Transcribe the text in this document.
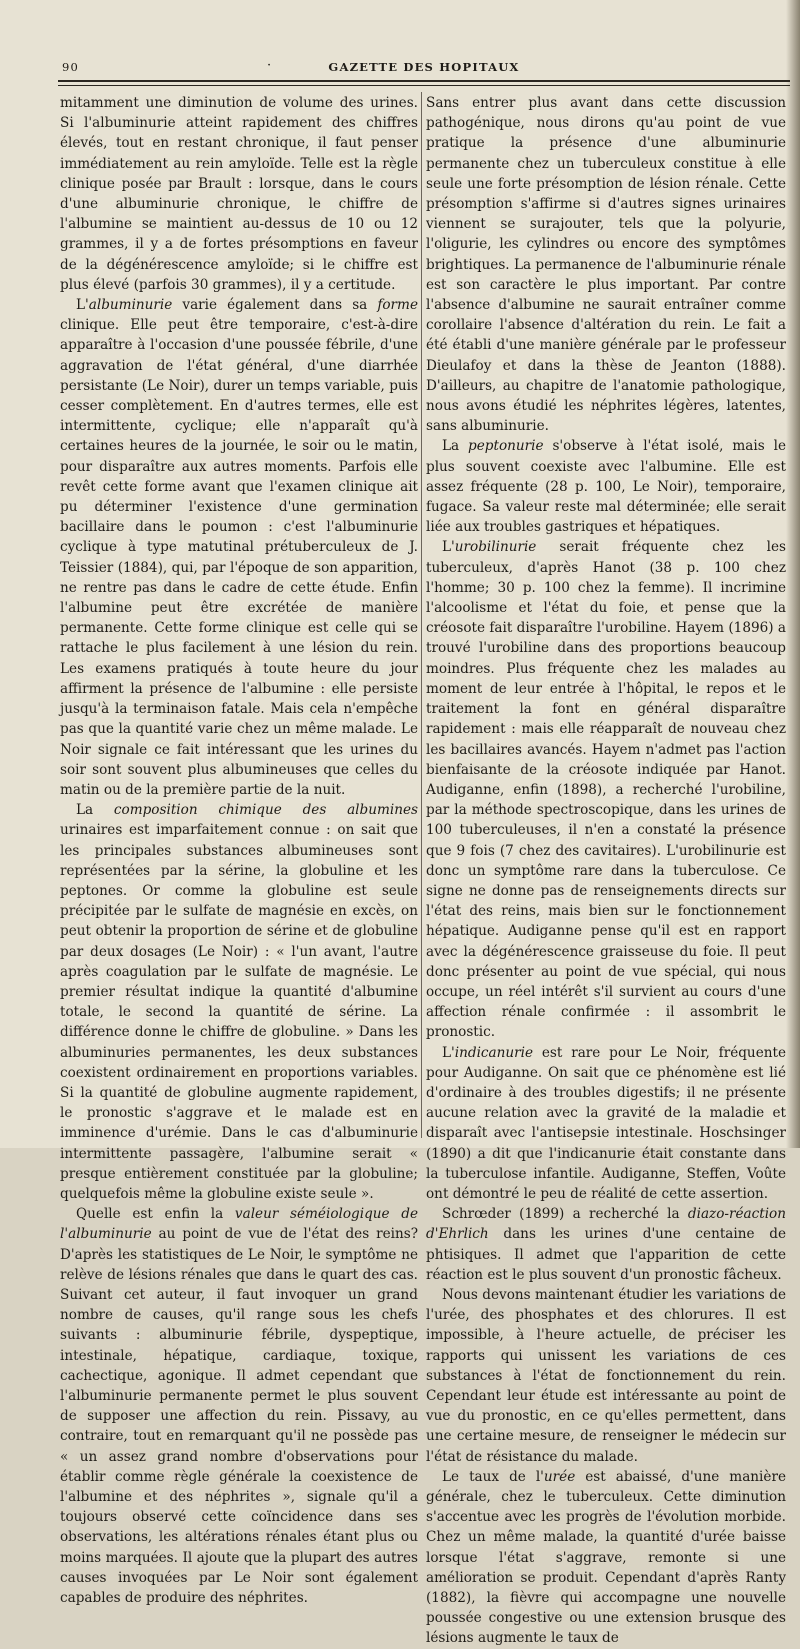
90	·	GAZETTE DES HOPITAUX

mitamment une diminution de volume des urines. Si l'albuminurie atteint rapidement des chiffres élevés, tout en restant chronique, il faut penser immédiatement au rein amyloïde. Telle est la règle clinique posée par Brault : lorsque, dans le cours d'une albuminurie chronique, le chiffre de l'albumine se maintient au-dessus de 10 ou 12 grammes, il y a de fortes présomptions en faveur de la dégénérescence amyloïde; si le chiffre est plus élevé (parfois 30 grammes), il y a certitude.

L'albuminurie varie également dans sa forme clinique. Elle peut être temporaire, c'est-à-dire apparaître à l'occasion d'une poussée fébrile, d'une aggravation de l'état général, d'une diarrhée persistante (Le Noir), durer un temps variable, puis cesser complètement. En d'autres termes, elle est intermittente, cyclique; elle n'apparaît qu'à certaines heures de la journée, le soir ou le matin, pour disparaître aux autres moments. Parfois elle revêt cette forme avant que l'examen clinique ait pu déterminer l'existence d'une germination bacillaire dans le poumon : c'est l'albuminurie cyclique à type matutinal prétuberculeux de J. Teissier (1884), qui, par l'époque de son apparition, ne rentre pas dans le cadre de cette étude. Enfin l'albumine peut être excrétée de manière permanente. Cette forme clinique est celle qui se rattache le plus facilement à une lésion du rein. Les examens pratiqués à toute heure du jour affirment la présence de l'albumine : elle persiste jusqu'à la terminaison fatale. Mais cela n'empêche pas que la quantité varie chez un même malade. Le Noir signale ce fait intéressant que les urines du soir sont souvent plus albumineuses que celles du matin ou de la première partie de la nuit.

La composition chimique des albumines urinaires est imparfaitement connue : on sait que les principales substances albumineuses sont représentées par la sérine, la globuline et les peptones. Or comme la globuline est seule précipitée par le sulfate de magnésie en excès, on peut obtenir la proportion de sérine et de globuline par deux dosages (Le Noir) : « l'un avant, l'autre après coagulation par le sulfate de magnésie. Le premier résultat indique la quantité d'albumine totale, le second la quantité de sérine. La différence donne le chiffre de globuline. » Dans les albuminuries permanentes, les deux substances coexistent ordinairement en proportions variables. Si la quantité de globuline augmente rapidement, le pronostic s'aggrave et le malade est en imminence d'urémie. Dans le cas d'albuminurie intermittente passagère, l'albumine serait « presque entièrement constituée par la globuline; quelquefois même la globuline existe seule ».

Quelle est enfin la valeur séméiologique de l'albuminurie au point de vue de l'état des reins? D'après les statistiques de Le Noir, le symptôme ne relève de lésions rénales que dans le quart des cas. Suivant cet auteur, il faut invoquer un grand nombre de causes, qu'il range sous les chefs suivants : albuminurie fébrile, dyspeptique, intestinale, hépatique, cardiaque, toxique, cachectique, agonique. Il admet cependant que l'albuminurie permanente permet le plus souvent de supposer une affection du rein. Pissavy, au contraire, tout en remarquant qu'il ne possède pas « un assez grand nombre d'observations pour établir comme règle générale la coexistence de l'albumine et des néphrites », signale qu'il a toujours observé cette coïncidence dans ses observations, les altérations rénales étant plus ou moins marquées. Il ajoute que la plupart des autres causes invoquées par Le Noir sont également capables de produire des néphrites.

Sans entrer plus avant dans cette discussion pathogénique, nous dirons qu'au point de vue pratique la présence d'une albuminurie permanente chez un tuberculeux constitue à elle seule une forte présomption de lésion rénale. Cette présomption s'affirme si d'autres signes urinaires viennent se surajouter, tels que la polyurie, l'oligurie, les cylindres ou encore des symptômes brightiques. La permanence de l'albuminurie rénale est son caractère le plus important. Par contre l'absence d'albumine ne saurait entraîner comme corollaire l'absence d'altération du rein. Le fait a été établi d'une manière générale par le professeur Dieulafoy et dans la thèse de Jeanton (1888). D'ailleurs, au chapitre de l'anatomie pathologique, nous avons étudié les néphrites légères, latentes, sans albuminurie.

La peptonurie s'observe à l'état isolé, mais le plus souvent coexiste avec l'albumine. Elle est assez fréquente (28 p. 100, Le Noir), temporaire, fugace. Sa valeur reste mal déterminée; elle serait liée aux troubles gastriques et hépatiques.

L'urobilinurie serait fréquente chez les tuberculeux, d'après Hanot (38 p. 100 chez l'homme; 30 p. 100 chez la femme). Il incrimine l'alcoolisme et l'état du foie, et pense que la créosote fait disparaître l'urobiline. Hayem (1896) a trouvé l'urobiline dans des proportions beaucoup moindres. Plus fréquente chez les malades au moment de leur entrée à l'hôpital, le repos et le traitement la font en général disparaître rapidement : mais elle réapparaît de nouveau chez les bacillaires avancés. Hayem n'admet pas l'action bienfaisante de la créosote indiquée par Hanot. Audiganne, enfin (1898), a recherché l'urobiline, par la méthode spectroscopique, dans les urines de 100 tuberculeuses, il n'en a constaté la présence que 9 fois (7 chez des cavitaires). L'urobilinurie est donc un symptôme rare dans la tuberculose. Ce signe ne donne pas de renseignements directs sur l'état des reins, mais bien sur le fonctionnement hépatique. Audiganne pense qu'il est en rapport avec la dégénérescence graisseuse du foie. Il peut donc présenter au point de vue spécial, qui nous occupe, un réel intérêt s'il survient au cours d'une affection rénale confirmée : il assombrit le pronostic.

L'indicanurie est rare pour Le Noir, fréquente pour Audiganne. On sait que ce phénomène est lié d'ordinaire à des troubles digestifs; il ne présente aucune relation avec la gravité de la maladie et disparaît avec l'antisepsie intestinale. Hoschsinger (1890) a dit que l'indicanurie était constante dans la tuberculose infantile. Audiganne, Steffen, Voûte ont démontré le peu de réalité de cette assertion.

Schrœder (1899) a recherché la diazo-réaction d'Ehrlich dans les urines d'une centaine de phtisiques. Il admet que l'apparition de cette réaction est le plus souvent d'un pronostic fâcheux.

Nous devons maintenant étudier les variations de l'urée, des phosphates et des chlorures. Il est impossible, à l'heure actuelle, de préciser les rapports qui unissent les variations de ces substances à l'état de fonctionnement du rein. Cependant leur étude est intéressante au point de vue du pronostic, en ce qu'elles permettent, dans une certaine mesure, de renseigner le médecin sur l'état de résistance du malade.

Le taux de l'urée est abaissé, d'une manière générale, chez le tuberculeux. Cette diminution s'accentue avec les progrès de l'évolution morbide. Chez un même malade, la quantité d'urée baisse lorsque l'état s'aggrave, remonte si une amélioration se produit. Cependant d'après Ranty (1882), la fièvre qui accompagne une nouvelle poussée congestive ou une extension brusque des lésions augmente le taux de
